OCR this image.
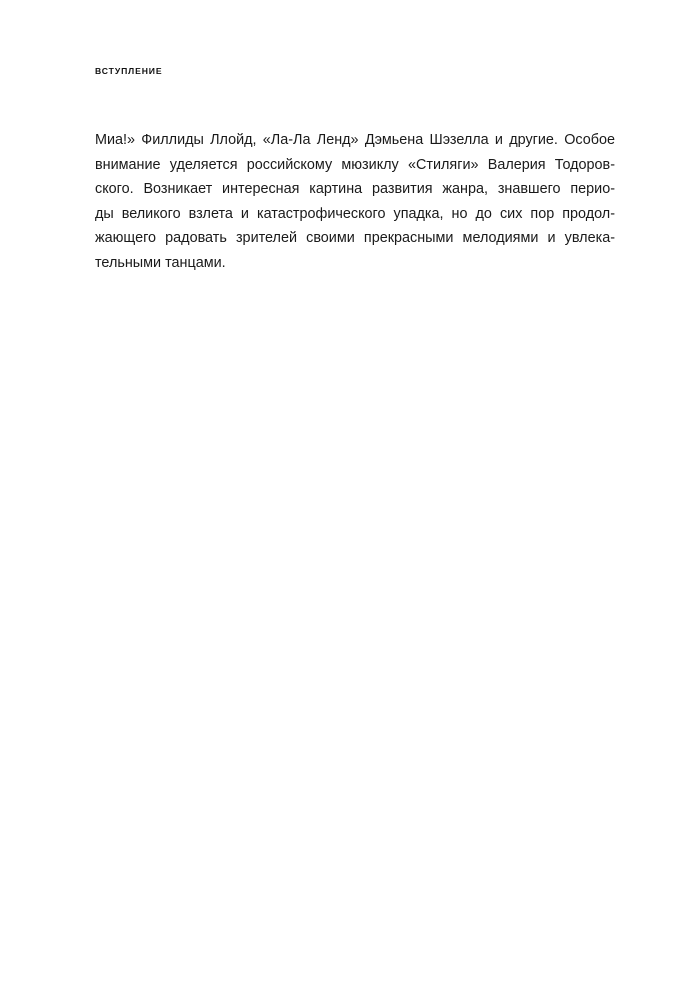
ВСТУПЛЕНИЕ
Миа!» Филлиды Ллойд, «Ла-Ла Ленд» Дэмьена Шэзелла и другие. Особое
внимание уделяется российскому мюзиклу «Стиляги» Валерия Тодоров-
ского. Возникает интересная картина развития жанра, знавшего перио-
ды великого взлета и катастрофического упадка, но до сих пор продол-
жающего радовать зрителей своими прекрасными мелодиями и увлека-
тельными танцами.
